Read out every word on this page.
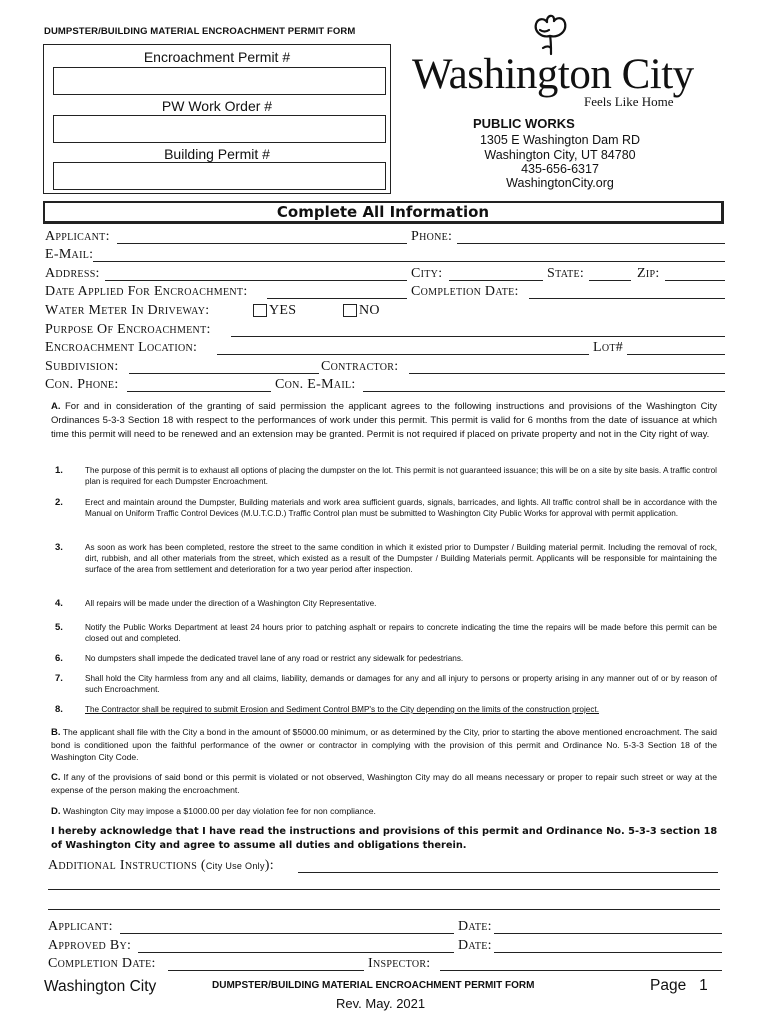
DUMPSTER/BUILDING MATERIAL ENCROACHMENT PERMIT FORM
Encroachment Permit #
PW Work Order #
Building Permit #
Washington City
Feels Like Home
PUBLIC WORKS
1305 E Washington Dam RD
Washington City, UT 84780
435-656-6317
WashingtonCity.org
Complete All Information
Applicant:	Phone:
E-Mail:
Address:	City:	State:	Zip:
Date Applied For Encroachment:	Completion Date:
Water Meter In Driveway:	YES	NO
Purpose Of Encroachment:
Encroachment Location:	Lot#
Subdivision:	Contractor:
Con. Phone:	Con. E-Mail:
A. For and in consideration of the granting of said permission the applicant agrees to the following instructions and provisions of the Washington City Ordinances 5-3-3 Section 18 with respect to the performances of work under this permit. This permit is valid for 6 months from the date of issuance at which time this permit will need to be renewed and an extension may be granted. Permit is not required if placed on private property and not in the City right of way.
1.	The purpose of this permit is to exhaust all options of placing the dumpster on the lot. This permit is not guaranteed issuance; this will be on a site by site basis. A traffic control plan is required for each Dumpster Encroachment.
2.	Erect and maintain around the Dumpster, Building materials and work area sufficient guards, signals, barricades, and lights. All traffic control shall be in accordance with the Manual on Uniform Traffic Control Devices (M.U.T.C.D.) Traffic Control plan must be submitted to Washington City Public Works for approval with permit application.
3.	As soon as work has been completed, restore the street to the same condition in which it existed prior to Dumpster / Building material permit. Including the removal of rock, dirt, rubbish, and all other materials from the street, which existed as a result of the Dumpster / Building Materials permit. Applicants will be responsible for maintaining the surface of the area from settlement and deterioration for a two year period after inspection.
4.	All repairs will be made under the direction of a Washington City Representative.
5.	Notify the Public Works Department at least 24 hours prior to patching asphalt or repairs to concrete indicating the time the repairs will be made before this permit can be closed out and completed.
6.	No dumpsters shall impede the dedicated travel lane of any road or restrict any sidewalk for pedestrians.
7.	Shall hold the City harmless from any and all claims, liability, demands or damages for any and all injury to persons or property arising in any manner out of or by reason of such Encroachment.
8.	The Contractor shall be required to submit Erosion and Sediment Control BMP's to the City depending on the limits of the construction project.
B. The applicant shall file with the City a bond in the amount of $5000.00 minimum, or as determined by the City, prior to starting the above mentioned encroachment. The said bond is conditioned upon the faithful performance of the owner or contractor in complying with the provision of this permit and Ordinance No. 5-3-3 Section 18 of the Washington City Code.
C. If any of the provisions of said bond or this permit is violated or not observed, Washington City may do all means necessary or proper to repair such street or way at the expense of the person making the encroachment.
D. Washington City may impose a $1000.00 per day violation fee for non compliance.
I hereby acknowledge that I have read the instructions and provisions of this permit and Ordinance No. 5-3-3 section 18 of Washington City and agree to assume all duties and obligations therein.
Additional Instructions (City Use Only):
Applicant:	Date:
Approved By:	Date:
Completion Date:	Inspector:
Washington City	DUMPSTER/BUILDING MATERIAL ENCROACHMENT PERMIT FORM
Rev. May. 2021
Page   1
